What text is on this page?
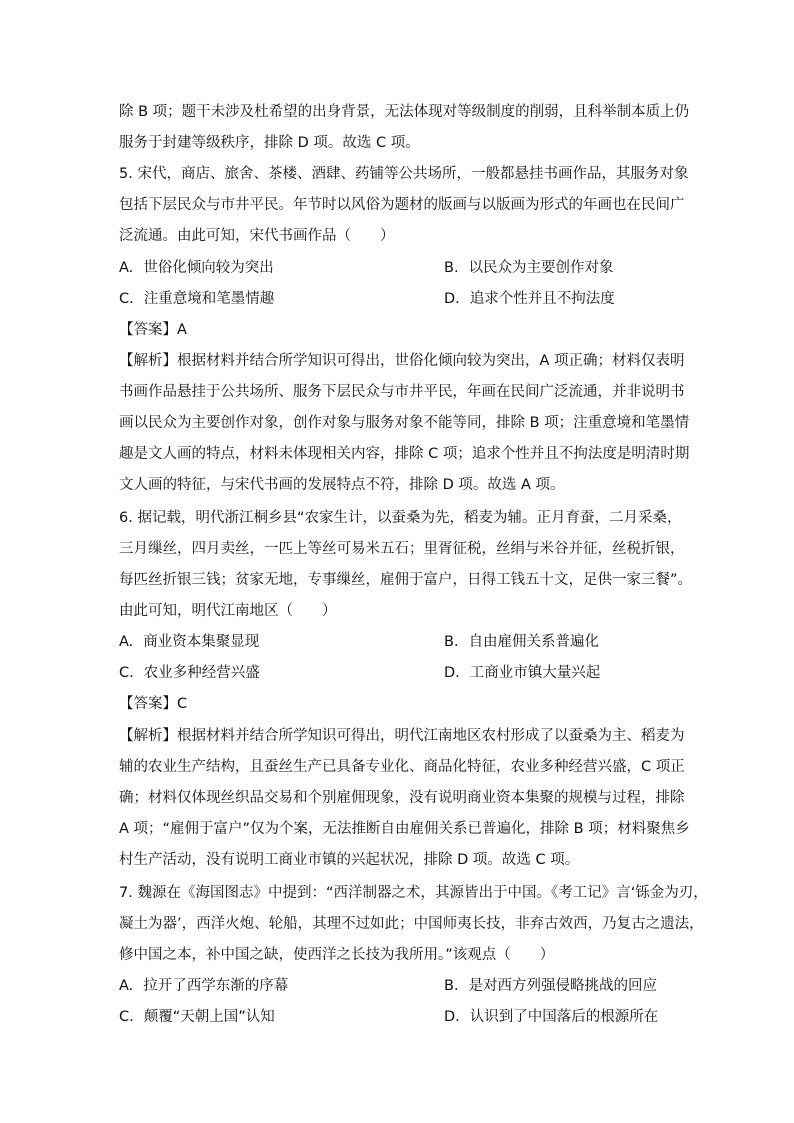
除 B 项；题干未涉及杜希望的出身背景，无法体现对等级制度的削弱，且科举制本质上仍
服务于封建等级秩序，排除 D 项。故选 C 项。
5. 宋代，商店、旅舍、茶楼、酒肆、药铺等公共场所，一般都悬挂书画作品，其服务对象
包括下层民众与市井平民。年节时以风俗为题材的版画与以版画为形式的年画也在民间广
泛流通。由此可知，宋代书画作品（　　）
A. 世俗化倾向较为突出	B. 以民众为主要创作对象
C. 注重意境和笔墨情趣	D. 追求个性并且不拘法度
【答案】A
【解析】根据材料并结合所学知识可得出，世俗化倾向较为突出，A 项正确；材料仅表明
书画作品悬挂于公共场所、服务下层民众与市井平民，年画在民间广泛流通，并非说明书
画以民众为主要创作对象，创作对象与服务对象不能等同，排除 B 项；注重意境和笔墨情
趣是文人画的特点，材料未体现相关内容，排除 C 项；追求个性并且不拘法度是明清时期
文人画的特征，与宋代书画的发展特点不符，排除 D 项。故选 A 项。
6. 据记载，明代浙江桐乡县“农家生计，以蚕桑为先，稻麦为辅。正月育蚕，二月采桑，
三月缫丝，四月卖丝，一匹上等丝可易米五石；里胥征税，丝绢与米谷并征，丝税折银，
每匹丝折银三钱；贫家无地，专事缫丝，雇佣于富户，日得工钱五十文，足供一家三餐”。
由此可知，明代江南地区（　　）
A. 商业资本集聚显现	B. 自由雇佣关系普遍化
C. 农业多种经营兴盛	D. 工商业市镇大量兴起
【答案】C
【解析】根据材料并结合所学知识可得出，明代江南地区农村形成了以蚕桑为主、稻麦为
辅的农业生产结构，且蚕丝生产已具备专业化、商品化特征，农业多种经营兴盛，C 项正
确；材料仅体现丝织品交易和个别雇佣现象，没有说明商业资本集聚的规模与过程，排除
A 项；“雇佣于富户”仅为个案，无法推断自由雇佣关系已普遍化，排除 B 项；材料聚焦乡
村生产活动，没有说明工商业市镇的兴起状况，排除 D 项。故选 C 项。
7. 魏源在《海国图志》中提到：“西洋制器之术，其源皆出于中国。《考工记》言‘铄金为刃，
凝土为器’，西洋火炮、轮船，其理不过如此；中国师夷长技，非弃古效西，乃复古之遗法，
修中国之本，补中国之缺，使西洋之长技为我所用。”该观点（　　）
A. 拉开了西学东渐的序幕	B. 是对西方列强侵略挑战的回应
C. 颠覆“天朝上国”认知	D. 认识到了中国落后的根源所在
